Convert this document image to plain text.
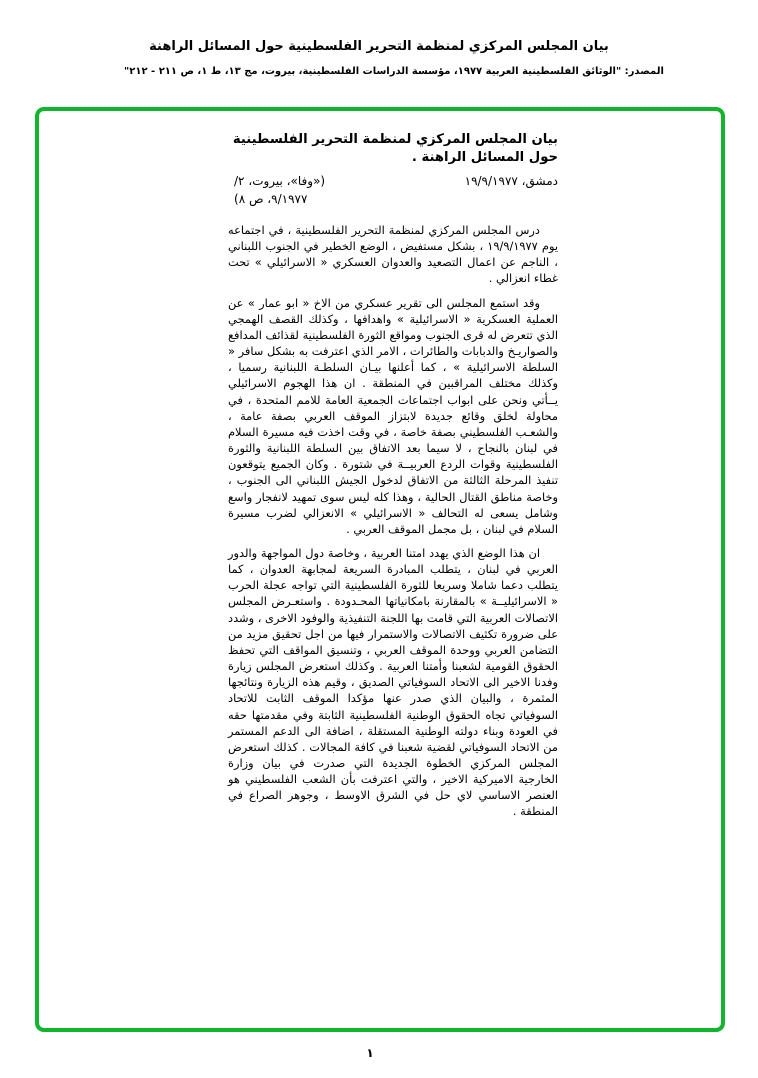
بيان المجلس المركزي لمنظمة التحرير الفلسطينية حول المسائل الراهنة
المصدر: "الوثائق الفلسطينية العربية ١٩٧٧، مؤسسة الدراسات الفلسطينية، بيروت، مج ١٣، ط ١، ص ٢١١ - ٢١٢"
بيان المجلس المركزي لمنظمة التحرير الفلسطينية حول المسائل الراهنة .
دمشق، ١٩/٩/١٩٧٧
(«وفا»، بيروت، ٢/
٩/١٩٧٧، ص ٨)

درس المجلس المركزي لمنظمة التحرير الفلسطينية ، في اجتماعه يوم ١٩/٩/١٩٧٧ ، بشكل مستفيض ، الوضع الخطير في الجنوب اللبناني ، الناجم عن اعمال التصعيد والعدوان العسكري « الاسرائيلي » تحت غطاء انعزالي .

وقد استمع المجلس الى تقرير عسكري من الاخ « ابو عمار » عن العملية العسكرية « الاسرائيلية » واهدافها ، وكذلك القصف الهمجي الذي تتعرض له قرى الجنوب ومواقع الثورة الفلسطينية لقذائف المدافع والصواريـخ والدبابات والطائرات ، الامر الذي اعترفت به بشكل سافر « السلطة الاسرائيلية » ، كما أعلنها بيـان السلطـة اللبنانية رسميا ، وكذلك مختلف المراقبين في المنطقة . ان هذا الهجوم الاسرائيلي يــأتي ونحن على ابواب اجتماعات الجمعية العامة للامم المتحدة ، في محاولة لخلق وقائع جديدة لابتزاز الموقف العربي بصفة عامة ، والشعـب الفلسطيني بصفة خاصة ، في وقت اخذت فيه مسيرة السلام في لبنان بالنجاح ، لا سيما بعد الاتفاق بين السلطة اللبنانية والثورة الفلسطينية وقوات الردع العربيــة في شتورة . وكان الجميع يتوقعون تنفيذ المرحلة الثالثة من الاتفاق لدخول الجيش اللبناني الى الجنوب ، وخاصة مناطق القتال الحالية ، وهذا كله ليس سوى تمهيد لانفجار واسع وشامل يسعى له التحالف « الاسرائيلي » الانعزالي لضرب مسيرة السلام في لبنان ، بل مجمل الموقف العربي .

ان هذا الوضع الذي يهدد امتنا العربية ، وخاصة دول المواجهة والدور العربي في لبنان ، يتطلب المبادرة السريعة لمجابهة العدوان ، كما يتطلب دعما شاملا وسريعا للثورة الفلسطينية التي تواجه عجلة الحرب « الاسرائيليــة » بالمقارنة بامكانياتها المحـدودة . واستعـرض المجلس الاتصالات العربية التي قامت بها اللجنة التنفيذية والوفود الاخرى ، وشدد على ضرورة تكثيف الاتصالات والاستمرار فيها من اجل تحقيق مزيد من التضامن العربي ووحدة الموقف العربي ، وتنسيق المواقف التي تحفظ الحقوق القومية لشعبنا وأمتنا العربية . وكذلك استعرض المجلس زيارة وفدنا الاخير الى الاتحاد السوفياتي الصديق ، وقيم هذه الزيارة ونتائجها المثمرة ، والبيان الذي صدر عنها مؤكدا الموقف الثابت للاتحاد السوفياتي تجاه الحقوق الوطنية الفلسطينية الثابتة وفي مقدمتها حقه في العودة وبناء دولته الوطنية المستقلة ، اضافة الى الدعم المستمر من الاتحاد السوفياتي لقضية شعبنا في كافة المجالات . كذلك استعرض المجلس المركزي الخطوة الجديدة التي صدرت في بيان وزارة الخارجية الاميركية الاخير ، والتي اعترفت بأن الشعب الفلسطيني هو العنصر الاساسي لاي حل في الشرق الاوسط ، وجوهر الصراع في المنطقة .

١
